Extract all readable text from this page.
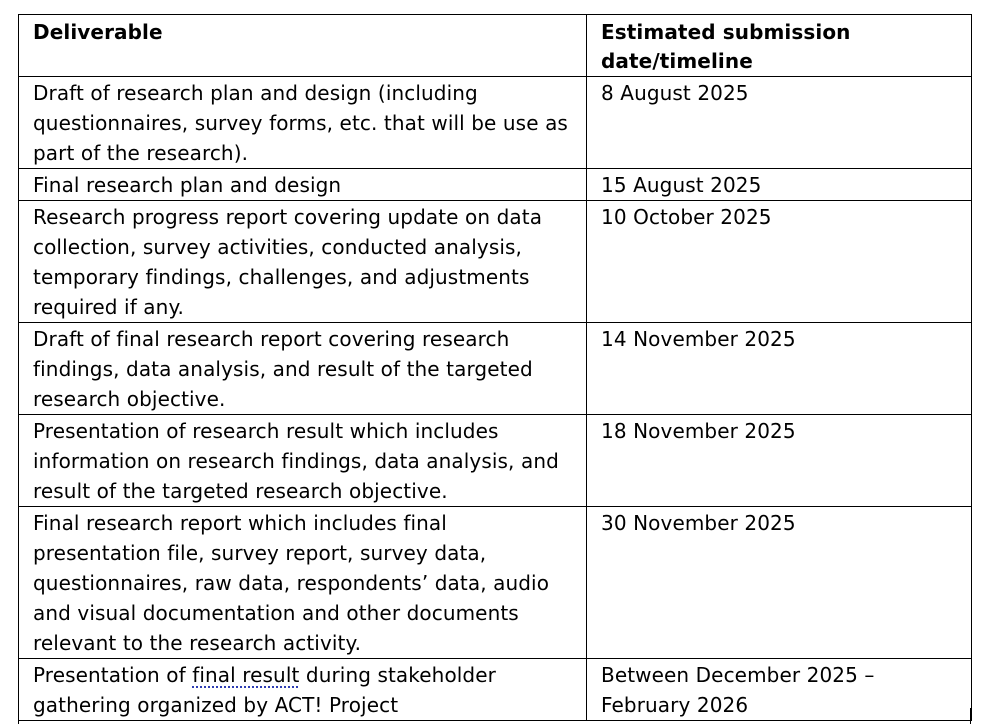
Deliverable	Estimated submission date/timeline
Draft of research plan and design (including questionnaires, survey forms, etc. that will be use as part of the research).	8 August 2025
Final research plan and design	15 August 2025
Research progress report covering update on data collection, survey activities, conducted analysis, temporary findings, challenges, and adjustments required if any.	10 October 2025
Draft of final research report covering research findings, data analysis, and result of the targeted research objective.	14 November 2025
Presentation of research result which includes information on research findings, data analysis, and result of the targeted research objective.	18 November 2025
Final research report which includes final presentation file, survey report, survey data, questionnaires, raw data, respondents’ data, audio and visual documentation and other documents relevant to the research activity.	30 November 2025
Presentation of final result during stakeholder gathering organized by ACT! Project	Between December 2025 – February 2026
